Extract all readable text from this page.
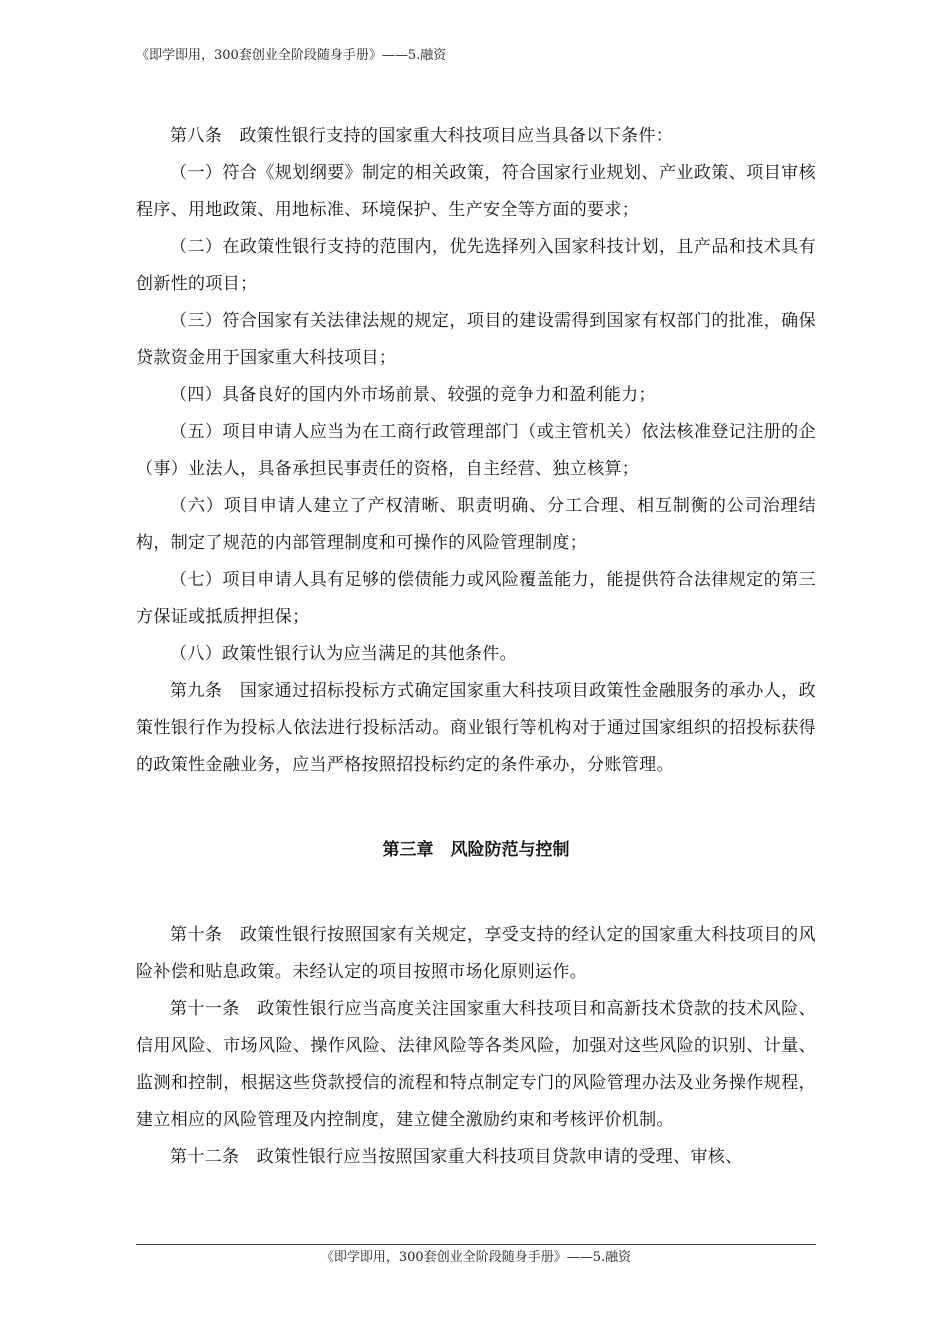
《即学即用，300套创业全阶段随身手册》——5.融资

第八条　政策性银行支持的国家重大科技项目应当具备以下条件：

（一）符合《规划纲要》制定的相关政策，符合国家行业规划、产业政策、项目审核程序、用地政策、用地标准、环境保护、生产安全等方面的要求；

（二）在政策性银行支持的范围内，优先选择列入国家科技计划，且产品和技术具有创新性的项目；

（三）符合国家有关法律法规的规定，项目的建设需得到国家有权部门的批准，确保贷款资金用于国家重大科技项目；

（四）具备良好的国内外市场前景、较强的竞争力和盈利能力；

（五）项目申请人应当为在工商行政管理部门（或主管机关）依法核准登记注册的企（事）业法人，具备承担民事责任的资格，自主经营、独立核算；

（六）项目申请人建立了产权清晰、职责明确、分工合理、相互制衡的公司治理结构，制定了规范的内部管理制度和可操作的风险管理制度；

（七）项目申请人具有足够的偿债能力或风险覆盖能力，能提供符合法律规定的第三方保证或抵质押担保；

（八）政策性银行认为应当满足的其他条件。

第九条　国家通过招标投标方式确定国家重大科技项目政策性金融服务的承办人，政策性银行作为投标人依法进行投标活动。商业银行等机构对于通过国家组织的招投标获得的政策性金融业务，应当严格按照招投标约定的条件承办，分账管理。

第三章　风险防范与控制

第十条　政策性银行按照国家有关规定，享受支持的经认定的国家重大科技项目的风险补偿和贴息政策。未经认定的项目按照市场化原则运作。

第十一条　政策性银行应当高度关注国家重大科技项目和高新技术贷款的技术风险、信用风险、市场风险、操作风险、法律风险等各类风险，加强对这些风险的识别、计量、监测和控制，根据这些贷款授信的流程和特点制定专门的风险管理办法及业务操作规程，建立相应的风险管理及内控制度，建立健全激励约束和考核评价机制。

第十二条　政策性银行应当按照国家重大科技项目贷款申请的受理、审核、

《即学即用，300套创业全阶段随身手册》——5.融资
